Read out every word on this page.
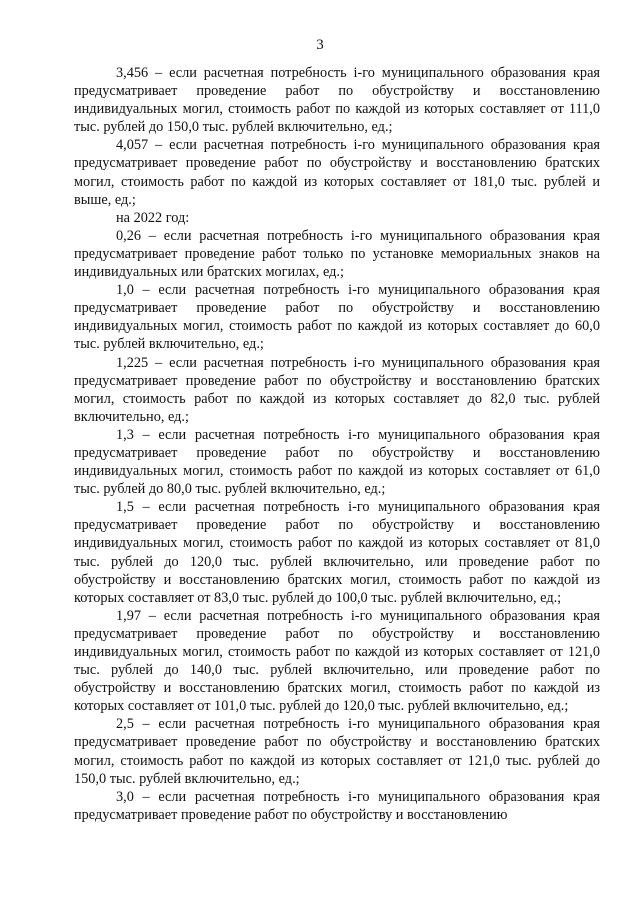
3

3,456 – если расчетная потребность i-го муниципального образования края предусматривает проведение работ по обустройству и восстановлению индивидуальных могил, стоимость работ по каждой из которых составляет от 111,0 тыс. рублей до 150,0 тыс. рублей включительно, ед.;

4,057 – если расчетная потребность i-го муниципального образования края предусматривает проведение работ по обустройству и восстановлению братских могил, стоимость работ по каждой из которых составляет от 181,0 тыс. рублей и выше, ед.;

на 2022 год:

0,26 – если расчетная потребность i-го муниципального образования края предусматривает проведение работ только по установке мемориальных знаков на индивидуальных или братских могилах, ед.;

1,0 – если расчетная потребность i-го муниципального образования края предусматривает проведение работ по обустройству и восстановлению индивидуальных могил, стоимость работ по каждой из которых составляет до 60,0 тыс. рублей включительно, ед.;

1,225 – если расчетная потребность i-го муниципального образования края предусматривает проведение работ по обустройству и восстановлению братских могил, стоимость работ по каждой из которых составляет до 82,0 тыс. рублей включительно, ед.;

1,3 – если расчетная потребность i-го муниципального образования края предусматривает проведение работ по обустройству и восстановлению индивидуальных могил, стоимость работ по каждой из которых составляет от 61,0 тыс. рублей до 80,0 тыс. рублей включительно, ед.;

1,5 – если расчетная потребность i-го муниципального образования края предусматривает проведение работ по обустройству и восстановлению индивидуальных могил, стоимость работ по каждой из которых составляет от 81,0 тыс. рублей до 120,0 тыс. рублей включительно, или проведение работ по обустройству и восстановлению братских могил, стоимость работ по каждой из которых составляет от 83,0 тыс. рублей до 100,0 тыс. рублей включительно, ед.;

1,97 – если расчетная потребность i-го муниципального образования края предусматривает проведение работ по обустройству и восстановлению индивидуальных могил, стоимость работ по каждой из которых составляет от 121,0 тыс. рублей до 140,0 тыс. рублей включительно, или проведение работ по обустройству и восстановлению братских могил, стоимость работ по каждой из которых составляет от 101,0 тыс. рублей до 120,0 тыс. рублей включительно, ед.;

2,5 – если расчетная потребность i-го муниципального образования края предусматривает проведение работ по обустройству и восстановлению братских могил, стоимость работ по каждой из которых составляет от 121,0 тыс. рублей до 150,0 тыс. рублей включительно, ед.;

3,0 – если расчетная потребность i-го муниципального образования края предусматривает проведение работ по обустройству и восстановлению
